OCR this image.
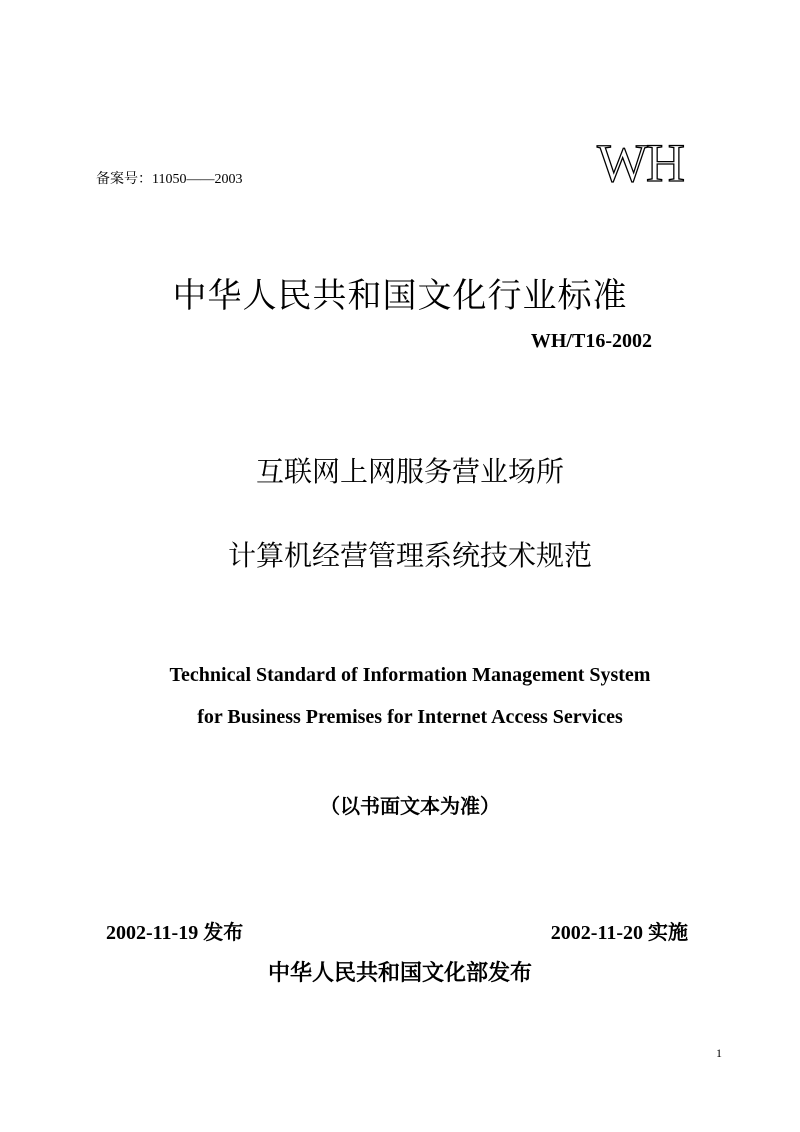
备案号：11050——2003	WH
中华人民共和国文化行业标准
WH/T16-2002
互联网上网服务营业场所
计算机经营管理系统技术规范
Technical Standard of Information Management System
for Business Premises for Internet Access Services
（以书面文本为准）
2002-11-19 发布	2002-11-20 实施
中华人民共和国文化部发布
1
